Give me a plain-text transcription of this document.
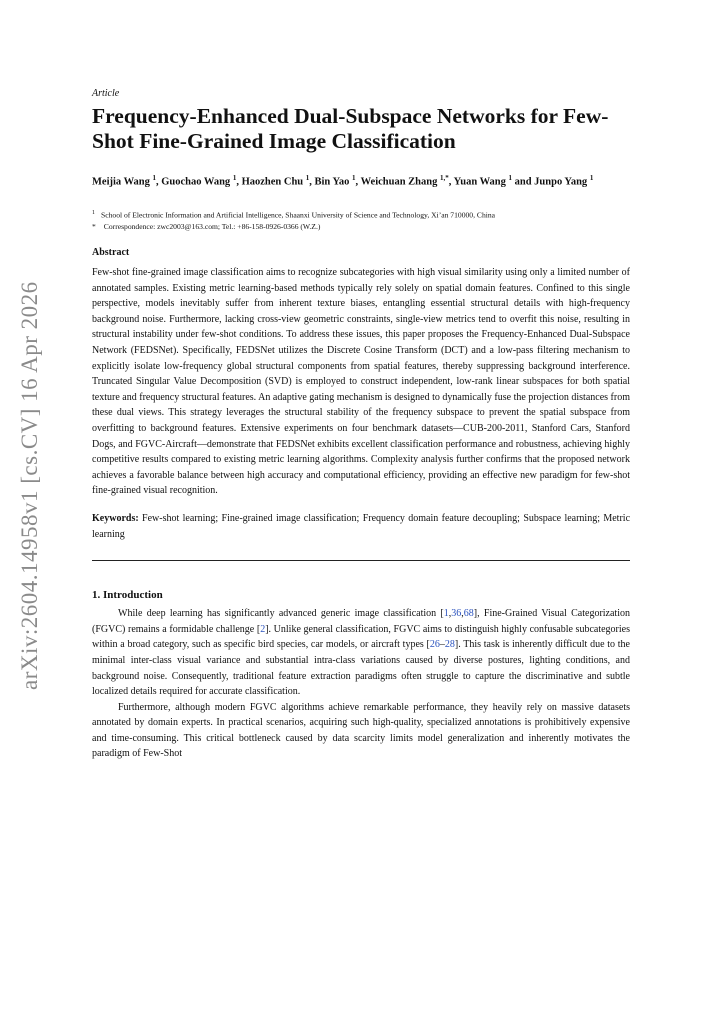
arXiv:2604.14958v1 [cs.CV] 16 Apr 2026

Article

Frequency-Enhanced Dual-Subspace Networks for Few-Shot Fine-Grained Image Classification

Meijia Wang $^1$, Guochao Wang $^1$, Haozhen Chu $^1$, Bin Yao $^1$, Weichuan Zhang $^{1,*}$, Yuan Wang $^1$ and Junpo Yang $^1$

$^1$ School of Electronic Information and Artificial Intelligence, Shaanxi University of Science and Technology, Xi’an 710000, China

* Correspondence: zwc2003@163.com; Tel.: +86-158-0926-0366 (W.Z.)

Abstract

Few-shot fine-grained image classification aims to recognize subcategories with high visual similarity using only a limited number of annotated samples. Existing metric learning-based methods typically rely solely on spatial domain features. Confined to this single perspective, models inevitably suffer from inherent texture biases, entangling essential structural details with high-frequency background noise. Furthermore, lacking cross-view geometric constraints, single-view metrics tend to overfit this noise, resulting in structural instability under few-shot conditions. To address these issues, this paper proposes the Frequency-Enhanced Dual-Subspace Network (FEDSNet). Specifically, FEDSNet utilizes the Discrete Cosine Transform (DCT) and a low-pass filtering mechanism to explicitly isolate low-frequency global structural components from spatial features, thereby suppressing background interference. Truncated Singular Value Decomposition (SVD) is employed to construct independent, low-rank linear subspaces for both spatial texture and frequency structural features. An adaptive gating mechanism is designed to dynamically fuse the projection distances from these dual views. This strategy leverages the structural stability of the frequency subspace to prevent the spatial subspace from overfitting to background features. Extensive experiments on four benchmark datasets—CUB-200-2011, Stanford Cars, Stanford Dogs, and FGVC-Aircraft—demonstrate that FEDSNet exhibits excellent classification performance and robustness, achieving highly competitive results compared to existing metric learning algorithms. Complexity analysis further confirms that the proposed network achieves a favorable balance between high accuracy and computational efficiency, providing an effective new paradigm for few-shot fine-grained visual recognition.

Keywords: Few-shot learning; Fine-grained image classification; Frequency domain feature decoupling; Subspace learning; Metric learning

1. Introduction

While deep learning has significantly advanced generic image classification [1,36,68], Fine-Grained Visual Categorization (FGVC) remains a formidable challenge [2]. Unlike general classification, FGVC aims to distinguish highly confusable subcategories within a broad category, such as specific bird species, car models, or aircraft types [26–28]. This task is inherently difficult due to the minimal inter-class visual variance and substantial intra-class variations caused by diverse postures, lighting conditions, and background noise. Consequently, traditional feature extraction paradigms often struggle to capture the discriminative and subtle localized details required for accurate classification.

Furthermore, although modern FGVC algorithms achieve remarkable performance, they heavily rely on massive datasets annotated by domain experts. In practical scenarios, acquiring such high-quality, specialized annotations is prohibitively expensive and time-consuming. This critical bottleneck caused by data scarcity limits model generalization and inherently motivates the paradigm of Few-Shot
